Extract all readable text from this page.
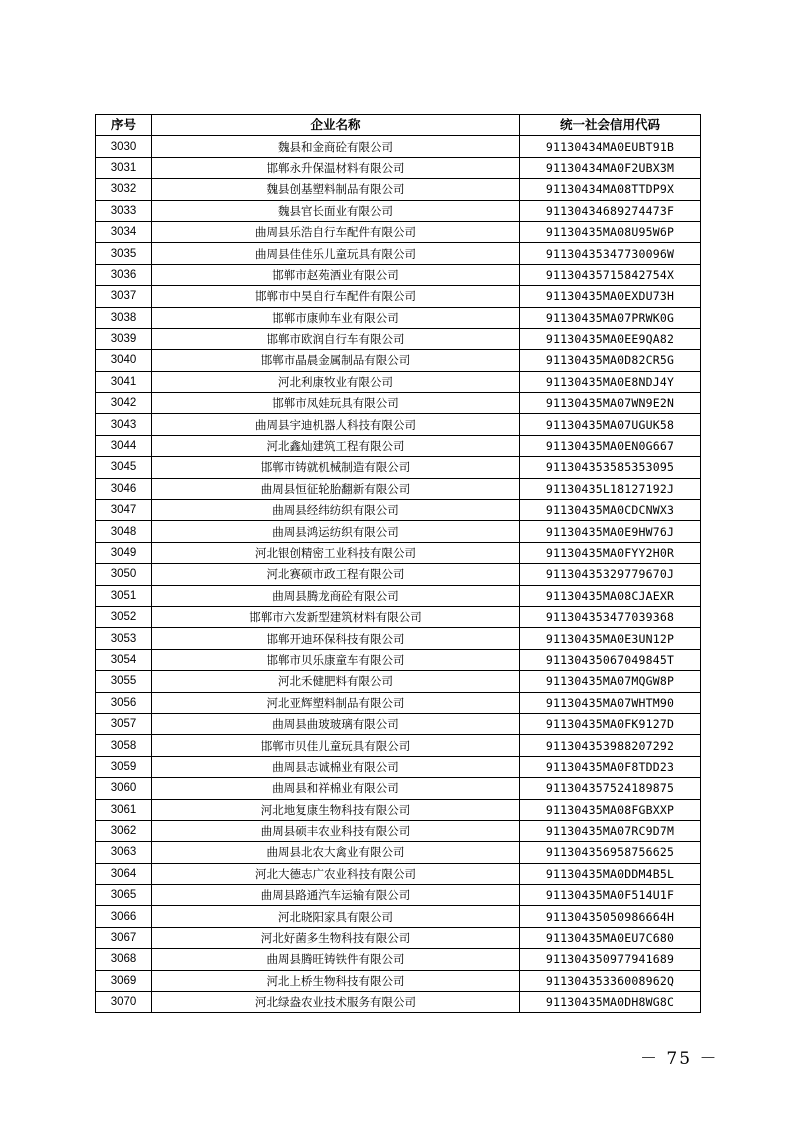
序号	企业名称	统一社会信用代码
3030	魏县和金商砼有限公司	91130434MA0EUBT91B
3031	邯郸永升保温材料有限公司	91130434MA0F2UBX3M
3032	魏县创基塑料制品有限公司	91130434MA08TTDP9X
3033	魏县官长面业有限公司	911304346892744​73F
3034	曲周县乐浩自行车配件有限公司	91130435MA08U95W6P
3035	曲周县佳佳乐儿童玩具有限公司	91130435347730096W
3036	邯郸市赵苑酒业有限公司	911304357158427​54X
3037	邯郸市中昊自行车配件有限公司	91130435MA0EXDU73H
3038	邯郸市康帅车业有限公司	91130435MA07PRWK0G
3039	邯郸市欧润自行车有限公司	91130435MA0EE9QA82
3040	邯郸市晶晨金属制品有限公司	91130435MA0D82CR5G
3041	河北利康牧业有限公司	91130435MA0E8NDJ4Y
3042	邯郸市凤娃玩具有限公司	91130435MA07WN9E2N
3043	曲周县宇迪机器人科技有限公司	91130435MA07UGUK58
3044	河北鑫灿建筑工程有限公司	91130435MA0EN0G667
3045	邯郸市铸就机械制造有限公司	911304353585353095
3046	曲周县恒征轮胎翻新有限公司	91130435L18127192J
3047	曲周县经纬纺织有限公司	91130435MA0CDCNWX3
3048	曲周县鸿运纺织有限公司	91130435MA0E9HW76J
3049	河北银创精密工业科技有限公司	91130435MA0FYY2H0R
3050	河北赛硕市政工程有限公司	91130435329779670J
3051	曲周县腾龙商砼有限公司	91130435MA08CJAEXR
3052	邯郸市六发新型建筑材料有限公司	911304353477039368
3053	邯郸开迪环保科技有限公司	91130435MA0E3UN12P
3054	邯郸市贝乐康童车有限公司	91130435067049845T
3055	河北禾健肥料有限公司	91130435MA07MQGW8P
3056	河北亚辉塑料制品有限公司	91130435MA07WHTM90
3057	曲周县曲玻玻璃有限公司	91130435MA0FK9127D
3058	邯郸市贝佳儿童玩具有限公司	911304353988207292
3059	曲周县志诚棉业有限公司	91130435MA0F8TDD23
3060	曲周县和祥棉业有限公司	91130435752418987​5
3061	河北地复康生物科技有限公司	91130435MA08FGBXXP
3062	曲周县硕丰农业科技有限公司	91130435MA07RC9D7M
3063	曲周县北农大禽业有限公司	911304356958756625
3064	河北大德志广农业科技有限公司	91130435MA0DDM4B5L
3065	曲周县路通汽车运输有限公司	91130435MA0F514U1F
3066	河北晓阳家具有限公司	91130435050986664H
3067	河北好菌多生物科技有限公司	91130435MA0EU7C680
3068	曲周县腾旺铸铁件有限公司	911304350977941689
3069	河北上桥生物科技有限公司	91130435336008962Q
3070	河北绿盎农业技术服务有限公司	91130435MA0DH8WG8C
－ 75 －
